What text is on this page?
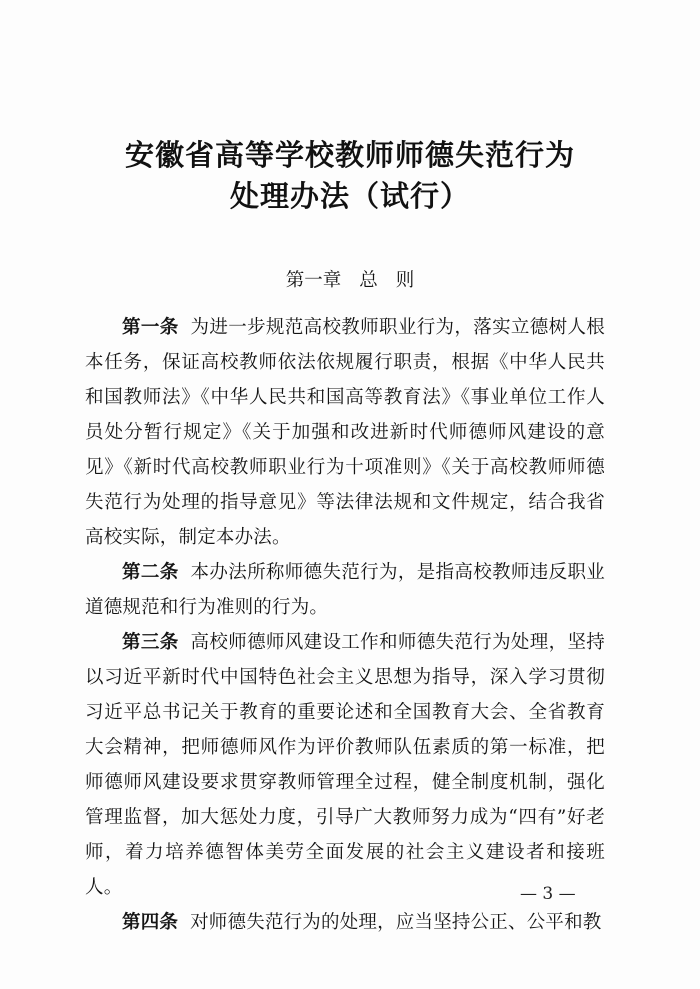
安徽省高等学校教师师德失范行为
处理办法（试行）
第一章 总 则

第一条 为进一步规范高校教师职业行为，落实立德树人根本任务，保证高校教师依法依规履行职责，根据《中华人民共和国教师法》《中华人民共和国高等教育法》《事业单位工作人员处分暂行规定》《关于加强和改进新时代师德师风建设的意见》《新时代高校教师职业行为十项准则》《关于高校教师师德失范行为处理的指导意见》等法律法规和文件规定，结合我省高校实际，制定本办法。

第二条 本办法所称师德失范行为，是指高校教师违反职业道德规范和行为准则的行为。

第三条 高校师德师风建设工作和师德失范行为处理，坚持以习近平新时代中国特色社会主义思想为指导，深入学习贯彻习近平总书记关于教育的重要论述和全国教育大会、全省教育大会精神，把师德师风作为评价教师队伍素质的第一标准，把师德师风建设要求贯穿教师管理全过程，健全制度机制，强化管理监督，加大惩处力度，引导广大教师努力成为“四有”好老师，着力培养德智体美劳全面发展的社会主义建设者和接班人。

第四条 对师德失范行为的处理，应当坚持公正、公平和教

— 3 —
